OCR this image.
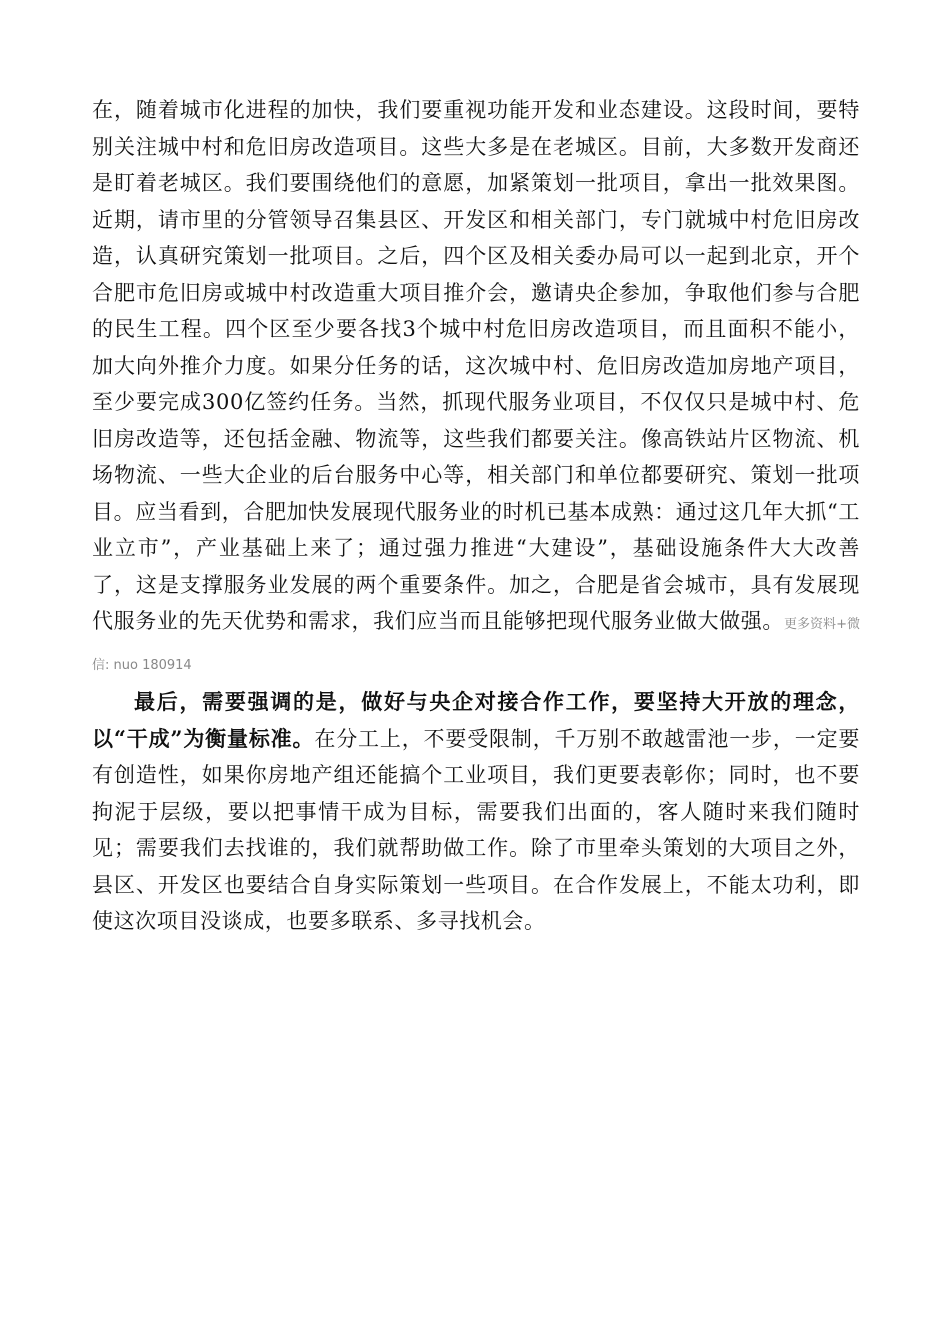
在，随着城市化进程的加快，我们要重视功能开发和业态建设。这段时间，要特别关注城中村和危旧房改造项目。这些大多是在老城区。目前，大多数开发商还是盯着老城区。我们要围绕他们的意愿，加紧策划一批项目，拿出一批效果图。近期，请市里的分管领导召集县区、开发区和相关部门，专门就城中村危旧房改造，认真研究策划一批项目。之后，四个区及相关委办局可以一起到北京，开个合肥市危旧房或城中村改造重大项目推介会，邀请央企参加，争取他们参与合肥的民生工程。四个区至少要各找3个城中村危旧房改造项目，而且面积不能小，加大向外推介力度。如果分任务的话，这次城中村、危旧房改造加房地产项目，至少要完成300亿签约任务。当然，抓现代服务业项目，不仅仅只是城中村、危旧房改造等，还包括金融、物流等，这些我们都要关注。像高铁站片区物流、机场物流、一些大企业的后台服务中心等，相关部门和单位都要研究、策划一批项目。应当看到，合肥加快发展现代服务业的时机已基本成熟：通过这几年大抓“工业立市”，产业基础上来了；通过强力推进“大建设”，基础设施条件大大改善了，这是支撑服务业发展的两个重要条件。加之，合肥是省会城市，具有发展现代服务业的先天优势和需求，我们应当而且能够把现代服务业做大做强。更多资料+微信: nuo 180914

最后，需要强调的是，做好与央企对接合作工作，要坚持大开放的理念，以“干成”为衡量标准。在分工上，不要受限制，千万别不敢越雷池一步，一定要有创造性，如果你房地产组还能搞个工业项目，我们更要表彰你；同时，也不要拘泥于层级，要以把事情干成为目标，需要我们出面的，客人随时来我们随时见；需要我们去找谁的，我们就帮助做工作。除了市里牵头策划的大项目之外，县区、开发区也要结合自身实际策划一些项目。在合作发展上，不能太功利，即使这次项目没谈成，也要多联系、多寻找机会。
